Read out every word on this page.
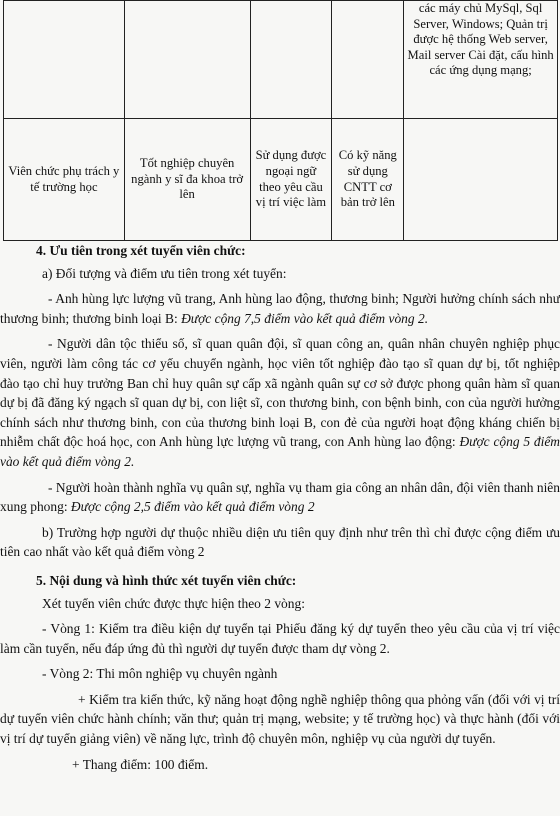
				các máy chủ MySql, Sql Server, Windows; Quản trị được hệ thống Web server, Mail server Cài đặt, cấu hình các ứng dụng mạng;
Viên chức phụ trách y tế trường học	Tốt nghiệp chuyên ngành y sĩ đa khoa trở lên	Sử dụng được ngoại ngữ theo yêu cầu vị trí việc làm	Có kỹ năng sử dụng CNTT cơ bản trở lên	

4. Ưu tiên trong xét tuyển viên chức:

a) Đối tượng và điểm ưu tiên trong xét tuyển:

- Anh hùng lực lượng vũ trang, Anh hùng lao động, thương binh; Người hưởng chính sách như thương binh; thương binh loại B: Được cộng 7,5 điểm vào kết quả điểm vòng 2.

- Người dân tộc thiểu số, sĩ quan quân đội, sĩ quan công an, quân nhân chuyên nghiệp phục viên, người làm công tác cơ yếu chuyển ngành, học viên tốt nghiệp đào tạo sĩ quan dự bị, tốt nghiệp đào tạo chỉ huy trưởng Ban chỉ huy quân sự cấp xã ngành quân sự cơ sở được phong quân hàm sĩ quan dự bị đã đăng ký ngạch sĩ quan dự bị, con liệt sĩ, con thương binh, con bệnh binh, con của người hưởng chính sách như thương binh, con của thương binh loại B, con đẻ của người hoạt động kháng chiến bị nhiễm chất độc hoá học, con Anh hùng lực lượng vũ trang, con Anh hùng lao động: Được cộng 5 điểm vào kết quả điểm vòng 2.

- Người hoàn thành nghĩa vụ quân sự, nghĩa vụ tham gia công an nhân dân, đội viên thanh niên xung phong: Được cộng 2,5 điểm vào kết quả điểm vòng 2

b) Trường hợp người dự thuộc nhiều diện ưu tiên quy định như trên thì chỉ được cộng điểm ưu tiên cao nhất vào kết quả điểm vòng 2

5. Nội dung và hình thức xét tuyển viên chức:

Xét tuyển viên chức được thực hiện theo 2 vòng:

- Vòng 1: Kiểm tra điều kiện dự tuyển tại Phiếu đăng ký dự tuyển theo yêu cầu của vị trí việc làm cần tuyển, nếu đáp ứng đủ thì người dự tuyển được tham dự vòng 2.

- Vòng 2: Thi môn nghiệp vụ chuyên ngành

+ Kiểm tra kiến thức, kỹ năng hoạt động nghề nghiệp thông qua phỏng vấn (đối với vị trí dự tuyển viên chức hành chính; văn thư; quản trị mạng, website; y tế trường học) và thực hành (đối với vị trí dự tuyển giảng viên) về năng lực, trình độ chuyên môn, nghiệp vụ của người dự tuyển.

+ Thang điểm: 100 điểm.
